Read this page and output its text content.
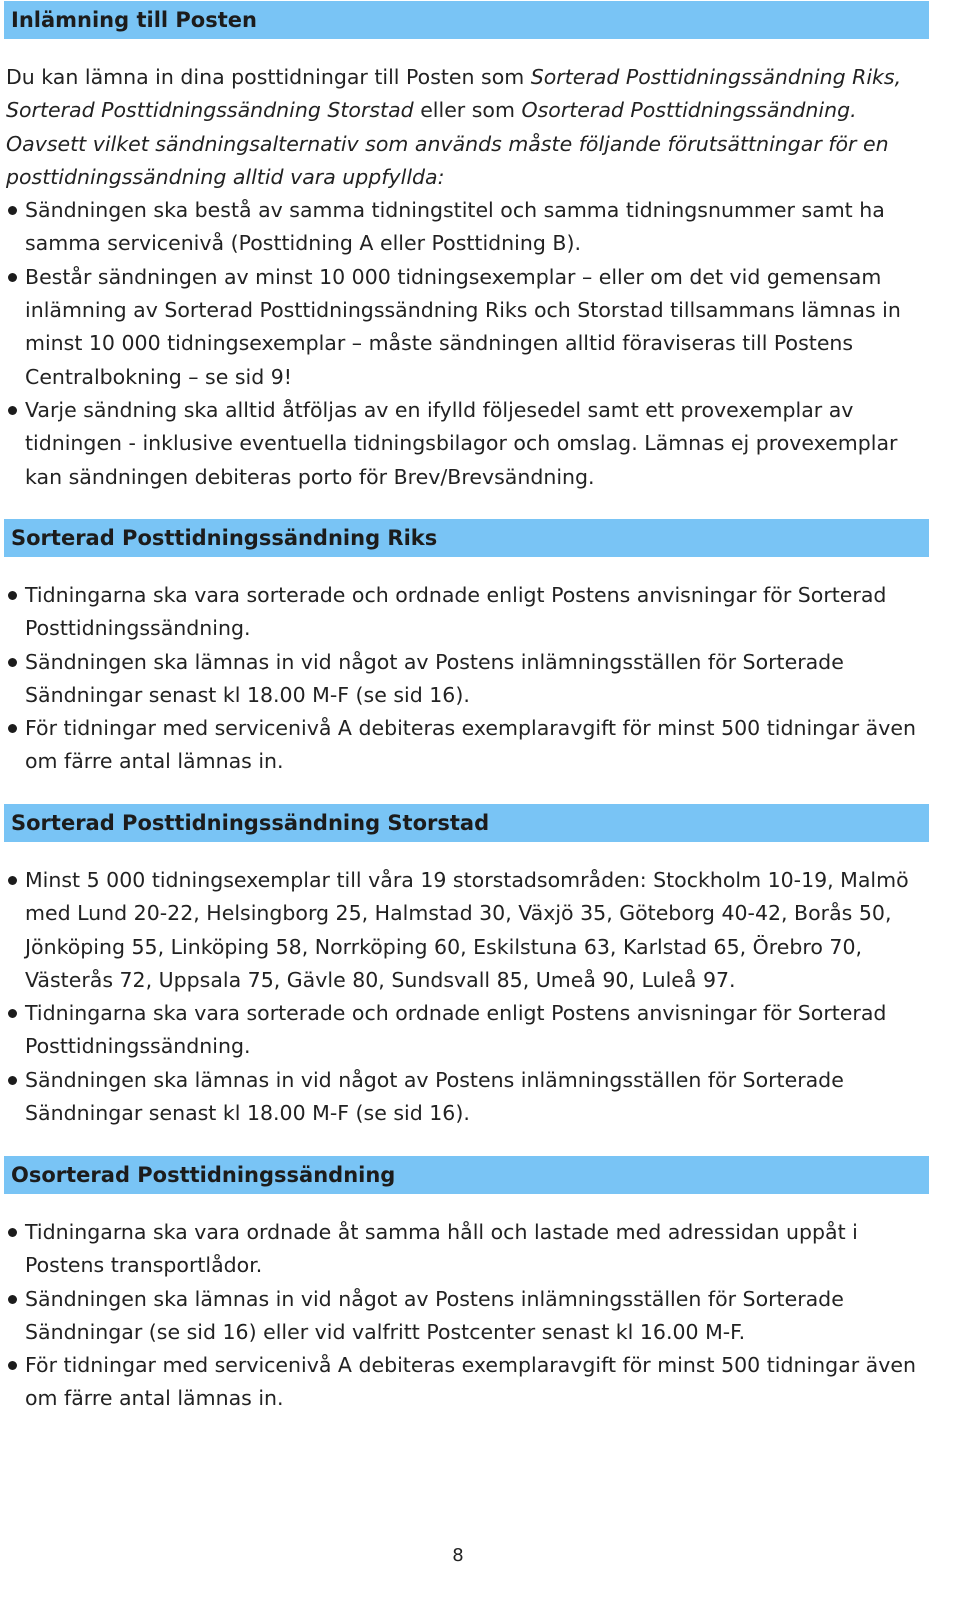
Inlämning till Posten

Du kan lämna in dina posttidningar till Posten som Sorterad Posttidningssändning Riks, Sorterad Posttidningssändning Storstad eller som Osorterad Posttidningssändning. Oavsett vilket sändningsalternativ som används måste följande förutsättningar för en posttidningssändning alltid vara uppfyllda:

Sändningen ska bestå av samma tidningstitel och samma tidningsnummer samt ha samma servicenivå (Posttidning A eller Posttidning B).
Består sändningen av minst 10 000 tidningsexemplar – eller om det vid gemensam inlämning av Sorterad Posttidningssändning Riks och Storstad tillsammans lämnas in minst 10 000 tidningsexemplar – måste sändningen alltid föraviseras till Postens Centralbokning – se sid 9!
Varje sändning ska alltid åtföljas av en ifylld följesedel samt ett provexemplar av tidningen - inklusive eventuella tidningsbilagor och omslag. Lämnas ej provexemplar kan sändningen debiteras porto för Brev/Brevsändning.
Sorterad Posttidningssändning Riks
Tidningarna ska vara sorterade och ordnade enligt Postens anvisningar för Sorterad Posttidningssändning.
Sändningen ska lämnas in vid något av Postens inlämningsställen för Sorterade Sändningar senast kl 18.00 M-F (se sid 16).
För tidningar med servicenivå A debiteras exemplaravgift för minst 500 tidningar även om färre antal lämnas in.
Sorterad Posttidningssändning Storstad
Minst 5 000 tidningsexemplar till våra 19 storstadsområden: Stockholm 10-19, Malmö med Lund 20-22, Helsingborg 25, Halmstad 30, Växjö 35, Göteborg 40-42, Borås 50, Jönköping 55, Linköping 58, Norrköping 60, Eskilstuna 63, Karlstad 65, Örebro 70, Västerås 72, Uppsala 75, Gävle 80, Sundsvall 85, Umeå 90, Luleå 97.
Tidningarna ska vara sorterade och ordnade enligt Postens anvisningar för Sorterad Posttidningssändning.
Sändningen ska lämnas in vid något av Postens inlämningsställen för Sorterade Sändningar senast kl 18.00 M-F (se sid 16).
Osorterad Posttidningssändning
Tidningarna ska vara ordnade åt samma håll och lastade med adressidan uppåt i Postens transportlådor.
Sändningen ska lämnas in vid något av Postens inlämningsställen för Sorterade Sändningar (se sid 16) eller vid valfritt Postcenter senast kl 16.00 M-F.
För tidningar med servicenivå A debiteras exemplaravgift för minst 500 tidningar även om färre antal lämnas in.
8
